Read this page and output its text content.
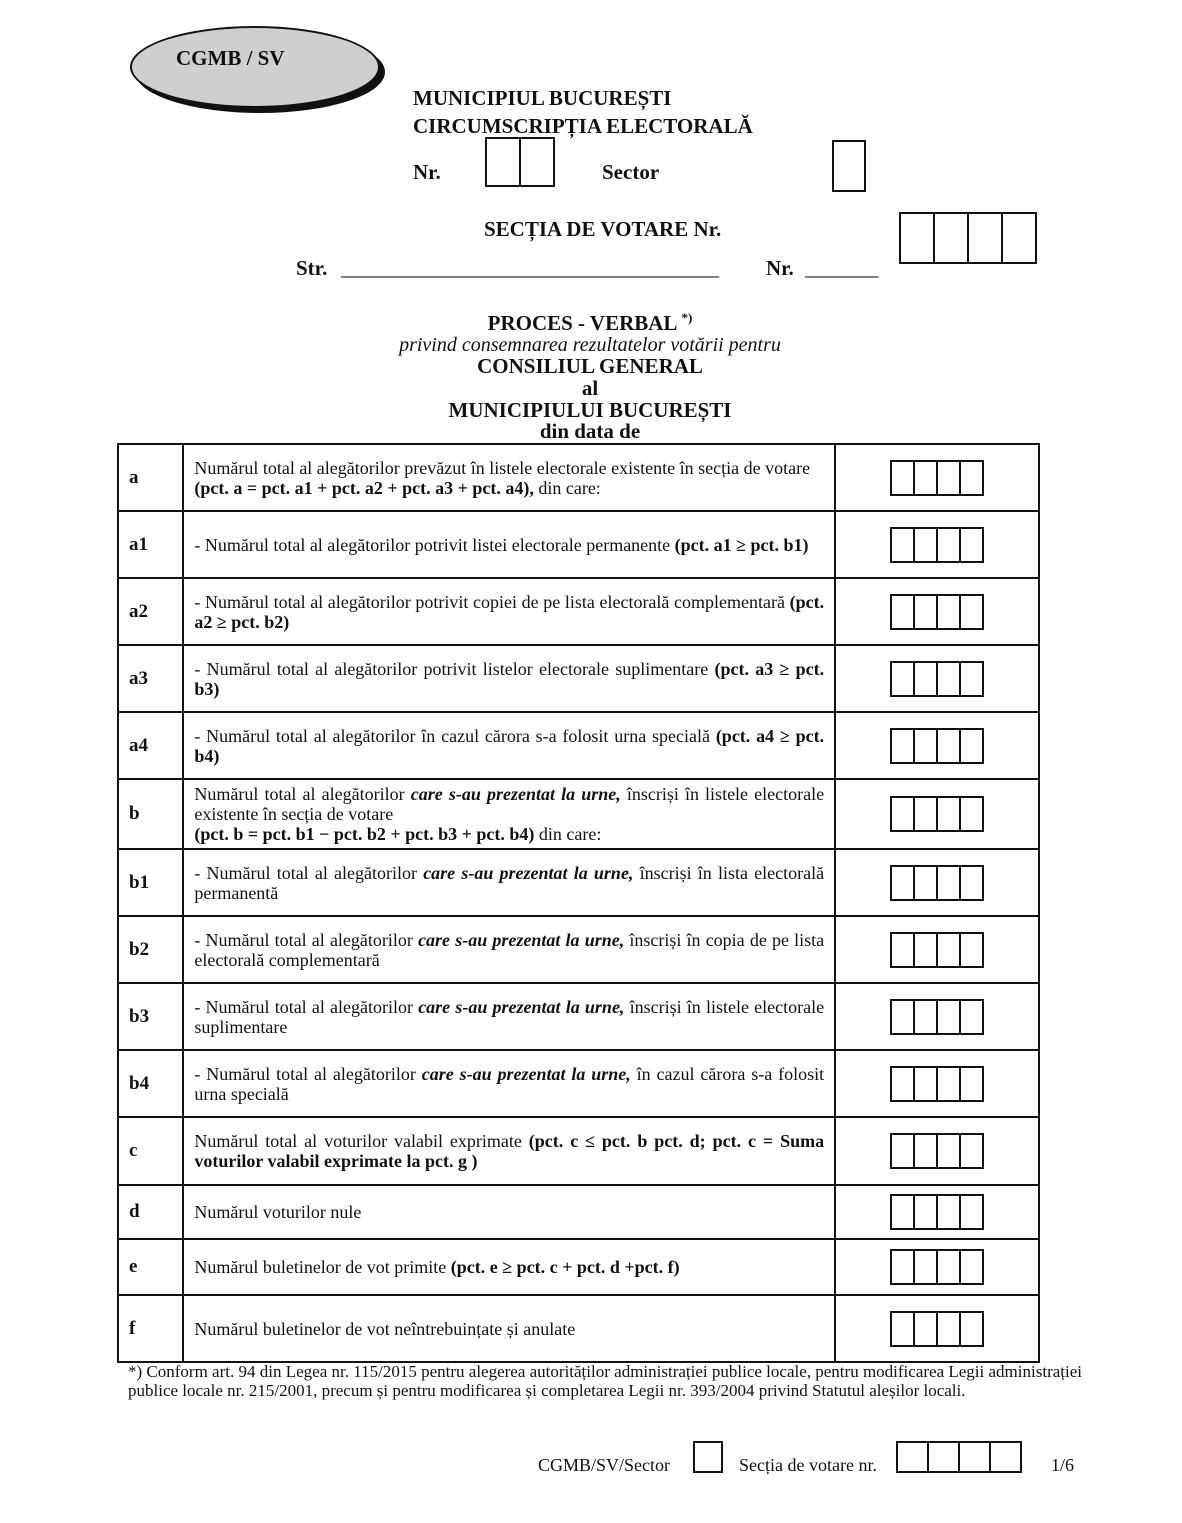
CGMB / SV
MUNICIPIUL BUCUREȘTI
CIRCUMSCRIPȚIA ELECTORALĂ
Nr.	Sector
SECȚIA DE VOTARE Nr.
Str. ____________________________________ Nr. _______
PROCES - VERBAL *)
privind consemnarea rezultatelor votării pentru
CONSILIUL GENERAL
al
MUNICIPIULUI BUCUREȘTI
din data de
a	Numărul total al alegătorilor prevăzut în listele electorale existente în secția de votare
(pct. a = pct. a1 + pct. a2 + pct. a3 + pct. a4), din care:	

a1	- Numărul total al alegătorilor potrivit listei electorale permanente (pct. a1 ≥ pct. b1)	

a2	- Numărul total al alegătorilor potrivit copiei de pe lista electorală complementară (pct. a2 ≥ pct. b2)	

a3	- Numărul total al alegătorilor potrivit listelor electorale suplimentare (pct. a3 ≥ pct. b3)	

a4	- Numărul total al alegătorilor în cazul cărora s-a folosit urna specială (pct. a4 ≥ pct. b4)	

b	Numărul total al alegătorilor care s-au prezentat la urne, înscriși în listele electorale existente în secția de votare
(pct. b = pct. b1 − pct. b2 + pct. b3 + pct. b4) din care:	

b1	- Numărul total al alegătorilor care s-au prezentat la urne, înscriși în lista electorală permanentă	

b2	- Numărul total al alegătorilor care s-au prezentat la urne, înscriși în copia de pe lista electorală complementară	

b3	- Numărul total al alegătorilor care s-au prezentat la urne, înscriși în listele electorale suplimentare	

b4	- Numărul total al alegătorilor care s-au prezentat la urne, în cazul cărora s-a folosit urna specială	

c	Numărul total al voturilor valabil exprimate (pct. c ≤ pct. b pct. d; pct. c = Suma voturilor valabil exprimate la pct. g )	

d	Numărul voturilor nule	

e	Numărul buletinelor de vot primite (pct. e ≥ pct. c + pct. d +pct. f)	

f	Numărul buletinelor de vot neîntrebuințate și anulate	
*) Conform art. 94 din Legea nr. 115/2015 pentru alegerea autorităților administrației publice locale, pentru modificarea Legii administrației publice locale nr. 215/2001, precum și pentru modificarea și completarea Legii nr. 393/2004 privind Statutul aleșilor locali.
CGMB/SV/Sector	Secția de votare nr.	1/6
